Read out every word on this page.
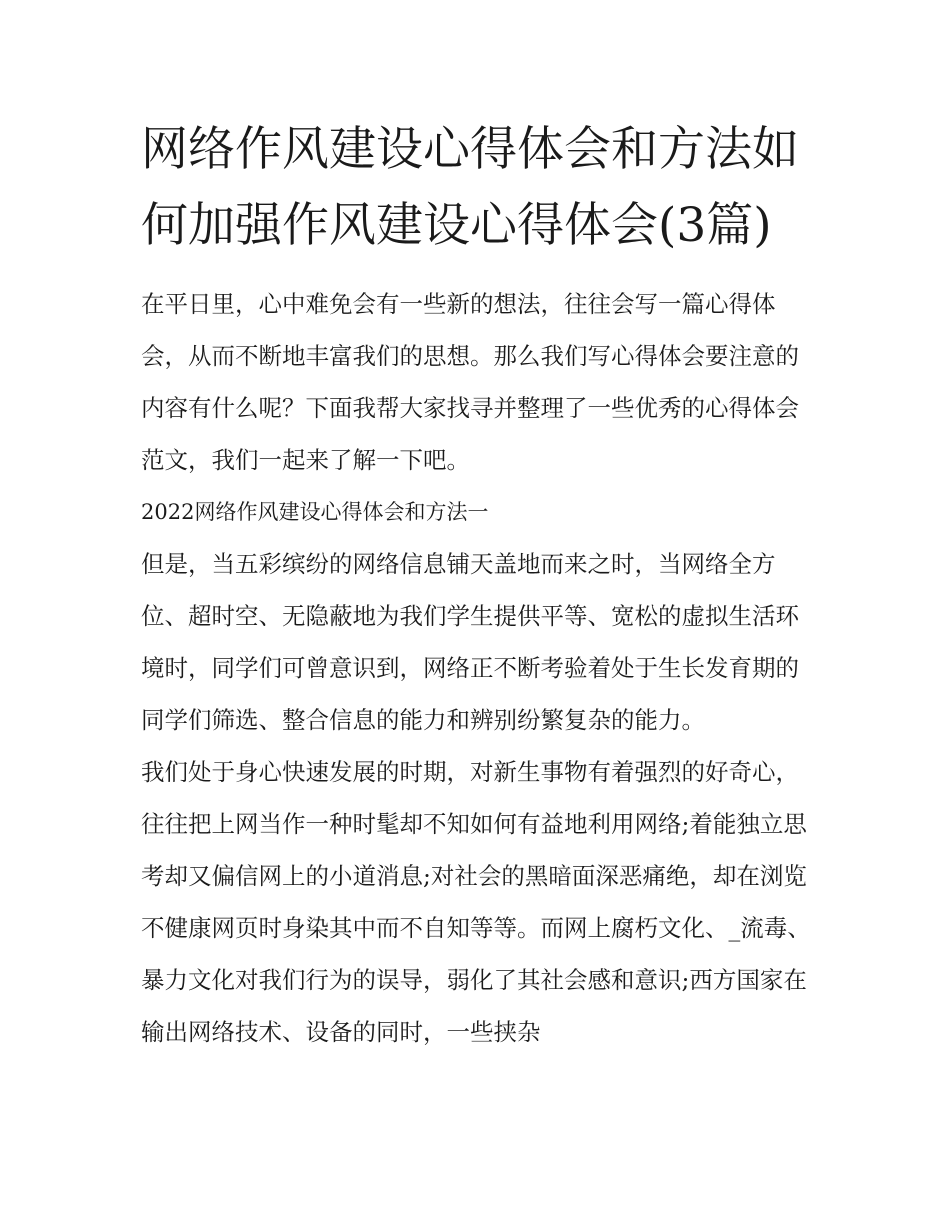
网络作风建设心得体会和方法如何加强作风建设心得体会(3篇)

在平日里，心中难免会有一些新的想法，往往会写一篇心得体会，从而不断地丰富我们的思想。那么我们写心得体会要注意的内容有什么呢？下面我帮大家找寻并整理了一些优秀的心得体会范文，我们一起来了解一下吧。

2022网络作风建设心得体会和方法一

但是，当五彩缤纷的网络信息铺天盖地而来之时，当网络全方位、超时空、无隐蔽地为我们学生提供平等、宽松的虚拟生活环境时，同学们可曾意识到，网络正不断考验着处于生长发育期的同学们筛选、整合信息的能力和辨别纷繁复杂的能力。

我们处于身心快速发展的时期，对新生事物有着强烈的好奇心，往往把上网当作一种时髦却不知如何有益地利用网络;着能独立思考却又偏信网上的小道消息;对社会的黑暗面深恶痛绝，却在浏览不健康网页时身染其中而不自知等等。而网上腐朽文化、_流毒、暴力文化对我们行为的误导，弱化了其社会感和意识;西方国家在输出网络技术、设备的同时，一些挟杂
